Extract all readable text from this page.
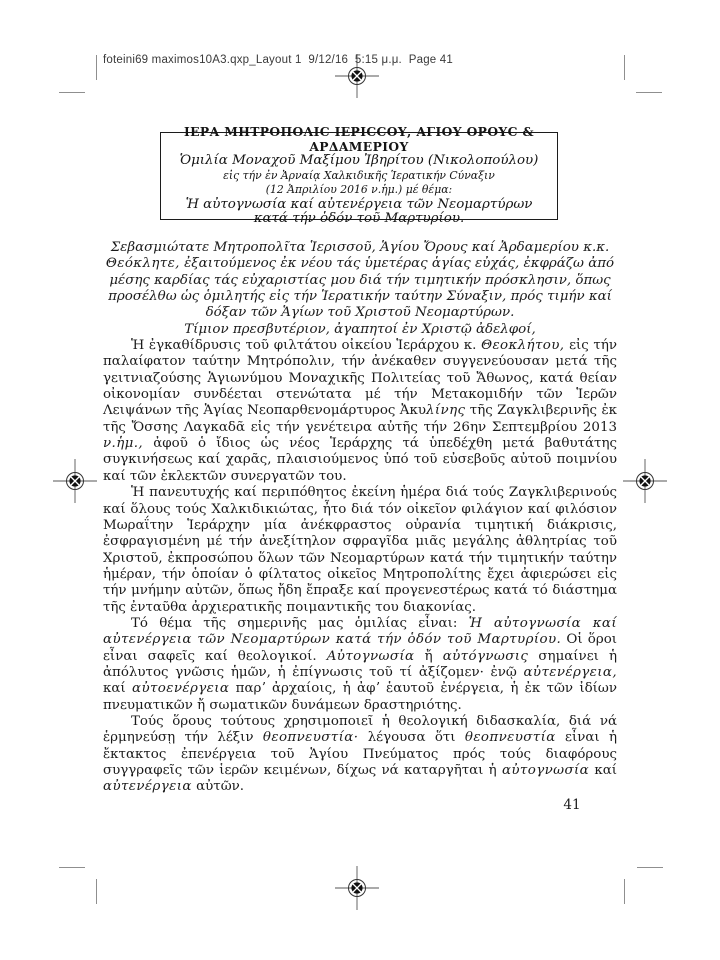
foteini69 maximos10A3.qxp_Layout 1  9/12/16  5:15 μ.μ.  Page 41
ΙΕΡΑ ΜΗΤΡΟΠΟΛΙC ΙΕΡΙCCΟΥ, ΑΓΙΟΥ ΟΡΟΥC & ΑΡΔΑΜΕΡΙΟΥ
Ὁμιλία Μοναχοῦ Μαξίμου Ἰβηρίτου (Νικολοπούλου)
εἰς τήν ἐν Ἀρναίᾳ Χαλκιδικῆς Ἱερατικήν Cύναξιν
(12 Ἀπριλίου 2016 ν.ἡμ.) μέ θέμα:
Ἡ αὐτογνωσία καί αὐτενέργεια τῶν Νεομαρτύρων
κατά τήν ὁδόν τοῦ Μαρτυρίου.

Σεβασμιώτατε Μητροπολῖτα Ἱερισσοῦ, Ἁγίου Ὄρους καί Ἀρδαμερίου κ.κ. Θεόκλητε, ἐξαιτούμενος ἐκ νέου τάς ὑμετέρας ἁγίας εὐχάς, ἐκφράζω ἀπό μέσης καρδίας τάς εὐχαριστίας μου διά τήν τιμητικήν πρόσκλησιν, ὅπως προσέλθω ὡς ὁμιλητής εἰς τήν Ἱερατικήν ταύτην Σύναξιν, πρός τιμήν καί δόξαν τῶν Ἁγίων τοῦ Χριστοῦ Νεομαρτύρων.

Τίμιον πρεσβυτέριον, ἀγαπητοί ἐν Χριστῷ ἀδελφοί,

Ἡ ἐγκαθίδρυσις τοῦ φιλτάτου οἰκείου Ἱεράρχου κ. Θεοκλήτου, εἰς τήν παλαίφατον ταύτην Μητρόπολιν, τήν ἀνέκαθεν συγγενεύουσαν μετά τῆς γειτνιαζούσης Ἁγιωνύμου Μοναχικῆς Πολιτείας τοῦ Ἄθωνος, κατά θείαν οἰκονομίαν συνδέεται στενώτατα μέ τήν Μετακομιδήν τῶν Ἱερῶν Λειψάνων τῆς Ἁγίας Νεοπαρθενομάρτυρος Ἀκυλίνης τῆς Ζαγκλιβερινῆς ἐκ τῆς Ὄσσης Λαγκαδᾶ εἰς τήν γενέτειρα αὐτῆς τήν 26ην Σεπτεμβρίου 2013 ν.ἡμ., ἀφοῦ ὁ ἴδιος ὡς νέος Ἱεράρχης τά ὑπεδέχθη μετά βαθυτάτης συγκινήσεως καί χαρᾶς, πλαισιούμενος ὑπό τοῦ εὐσεβοῦς αὐτοῦ ποιμνίου καί τῶν ἐκλεκτῶν συνεργατῶν του.

Ἡ πανευτυχής καί περιπόθητος ἐκείνη ἡμέρα διά τούς Ζαγκλιβερινούς καί ὅλους τούς Χαλκιδικιώτας, ἦτο διά τόν οἰκεῖον φιλάγιον καί φιλόσιον Μωραΐτην Ἱεράρχην μία ἀνέκφραστος οὐρανία τιμητική διάκρισις, ἐσφραγισμένη μέ τήν ἀνεξίτηλον σφραγῖδα μιᾶς μεγάλης ἀθλητρίας τοῦ Χριστοῦ, ἐκπροσώπου ὅλων τῶν Νεομαρτύρων κατά τήν τιμητικήν ταύτην ἡμέραν, τήν ὁποίαν ὁ φίλτατος οἰκεῖος Μητροπολίτης ἔχει ἀφιερώσει εἰς τήν μνήμην αὐτῶν, ὅπως ἤδη ἔπραξε καί προγενεστέρως κατά τό διάστημα τῆς ἐνταῦθα ἀρχιερατικῆς ποιμαντικῆς του διακονίας.

Τό θέμα τῆς σημερινῆς μας ὁμιλίας εἶναι: Ἡ αὐτογνωσία καί αὐτενέργεια τῶν Νεομαρτύρων κατά τήν ὁδόν τοῦ Μαρτυρίου. Οἱ ὅροι εἶναι σαφεῖς καί θεολογικοί. Αὐτογνωσία ἤ αὐτόγνωσις σημαίνει ἡ ἀπόλυτος γνῶσις ἡμῶν, ἡ ἐπίγνωσις τοῦ τί ἀξίζομεν· ἐνῷ αὐτενέργεια, καί αὐτοενέργεια παρʼ ἀρχαίοις, ἡ ἀφʼ ἑαυτοῦ ἐνέργεια, ἡ ἐκ τῶν ἰδίων πνευματικῶν ἤ σωματικῶν δυνάμεων δραστηριότης.

Τούς ὅρους τούτους χρησιμοποιεῖ ἡ θεολογική διδασκαλία, διά νά ἑρμηνεύσῃ τήν λέξιν θεοπνευστία· λέγουσα ὅτι θεοπνευστία εἶναι ἡ ἔκτακτος ἐπενέργεια τοῦ Ἁγίου Πνεύματος πρός τούς διαφόρους συγγραφεῖς τῶν ἱερῶν κειμένων, δίχως νά καταργῆται ἡ αὐτογνωσία καί αὐτενέργεια αὐτῶν.

41
